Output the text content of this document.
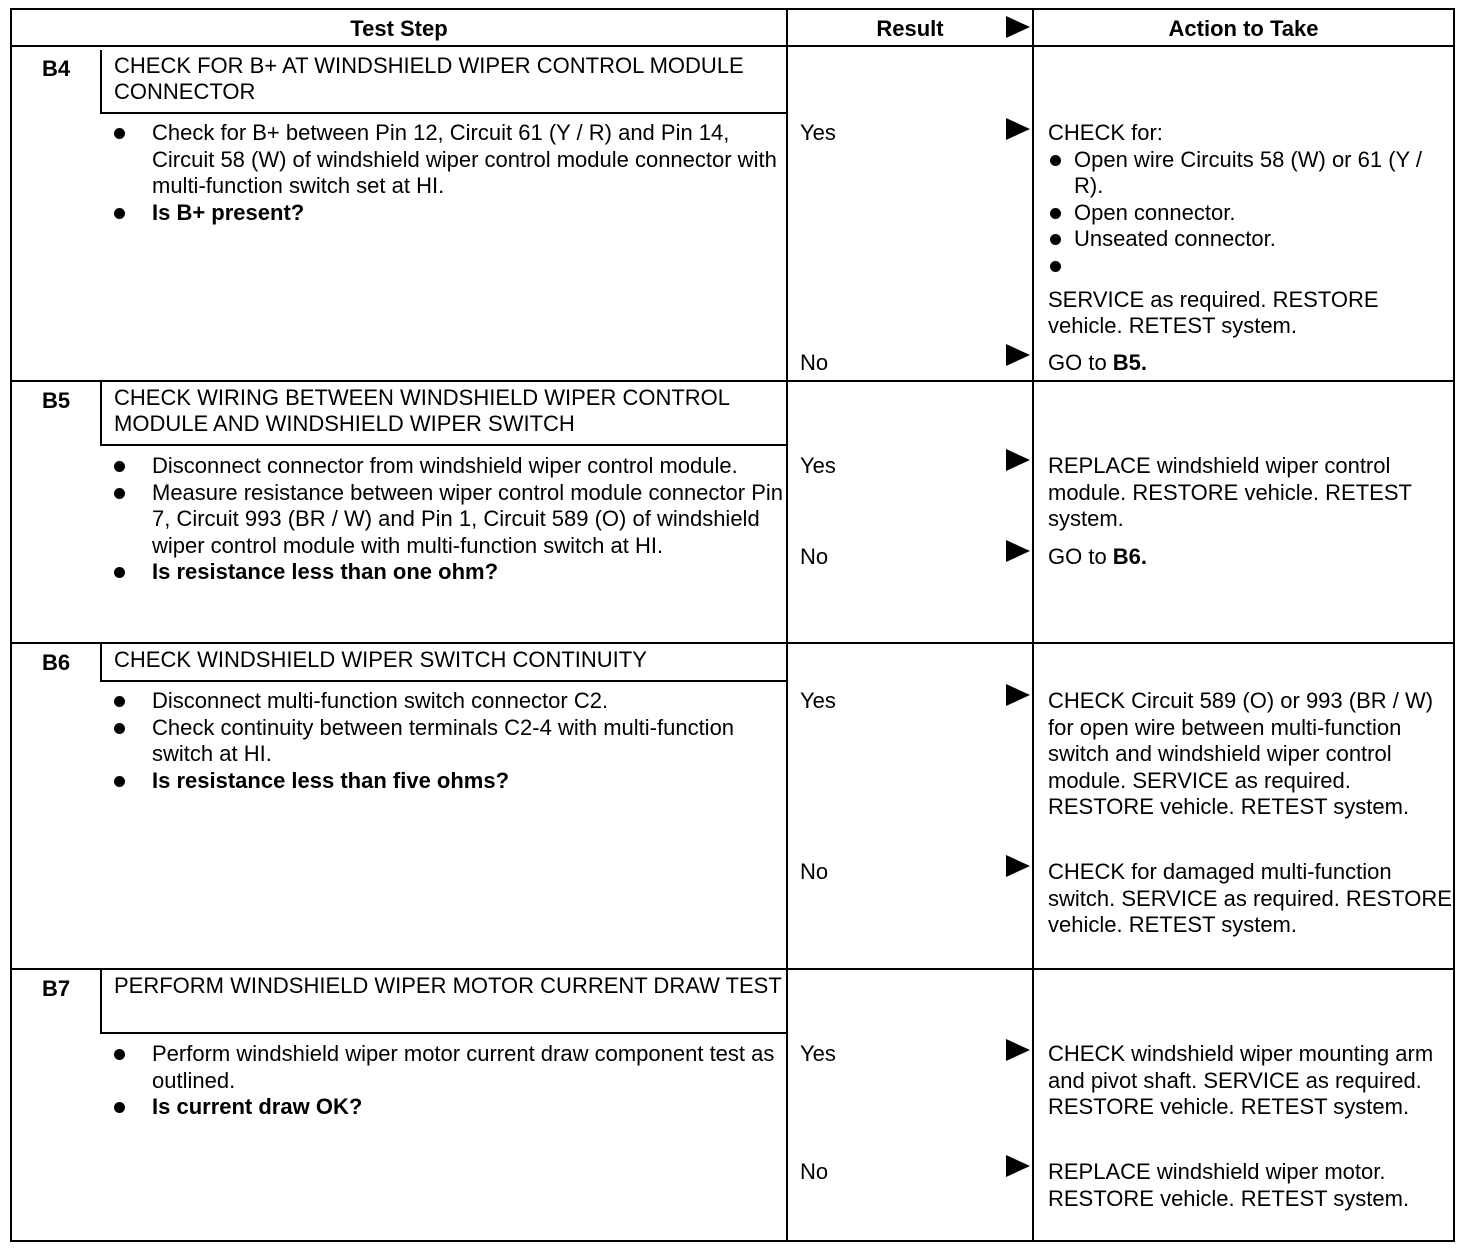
Test Step	Result	Action to Take
B4	CHECK FOR B+ AT WINDSHIELD WIPER CONTROL MODULE CONNECTOR
Check for B+ between Pin 12, Circuit 61 (Y / R) and Pin 14, Circuit 58 (W) of windshield wiper control module connector with multi-function switch set at HI.
Is B+ present?
Yes	CHECK for:
Open wire Circuits 58 (W) or 61 (Y / R).
Open connector.
Unseated connector.
SERVICE as required. RESTORE vehicle. RETEST system.
No	GO to B5.
B5	CHECK WIRING BETWEEN WINDSHIELD WIPER CONTROL MODULE AND WINDSHIELD WIPER SWITCH
Disconnect connector from windshield wiper control module.
Measure resistance between wiper control module connector Pin 7, Circuit 993 (BR / W) and Pin 1, Circuit 589 (O) of windshield wiper control module with multi-function switch at HI.
Is resistance less than one ohm?
Yes	REPLACE windshield wiper control module. RESTORE vehicle. RETEST system.
No	GO to B6.
B6	CHECK WINDSHIELD WIPER SWITCH CONTINUITY
Disconnect multi-function switch connector C2.
Check continuity between terminals C2-4 with multi-function switch at HI.
Is resistance less than five ohms?
Yes	CHECK Circuit 589 (O) or 993 (BR / W) for open wire between multi-function switch and windshield wiper control module. SERVICE as required. RESTORE vehicle. RETEST system.
No	CHECK for damaged multi-function switch. SERVICE as required. RESTORE vehicle. RETEST system.
B7	PERFORM WINDSHIELD WIPER MOTOR CURRENT DRAW TEST
Perform windshield wiper motor current draw component test as outlined.
Is current draw OK?
Yes	CHECK windshield wiper mounting arm and pivot shaft. SERVICE as required. RESTORE vehicle. RETEST system.
No	REPLACE windshield wiper motor. RESTORE vehicle. RETEST system.
